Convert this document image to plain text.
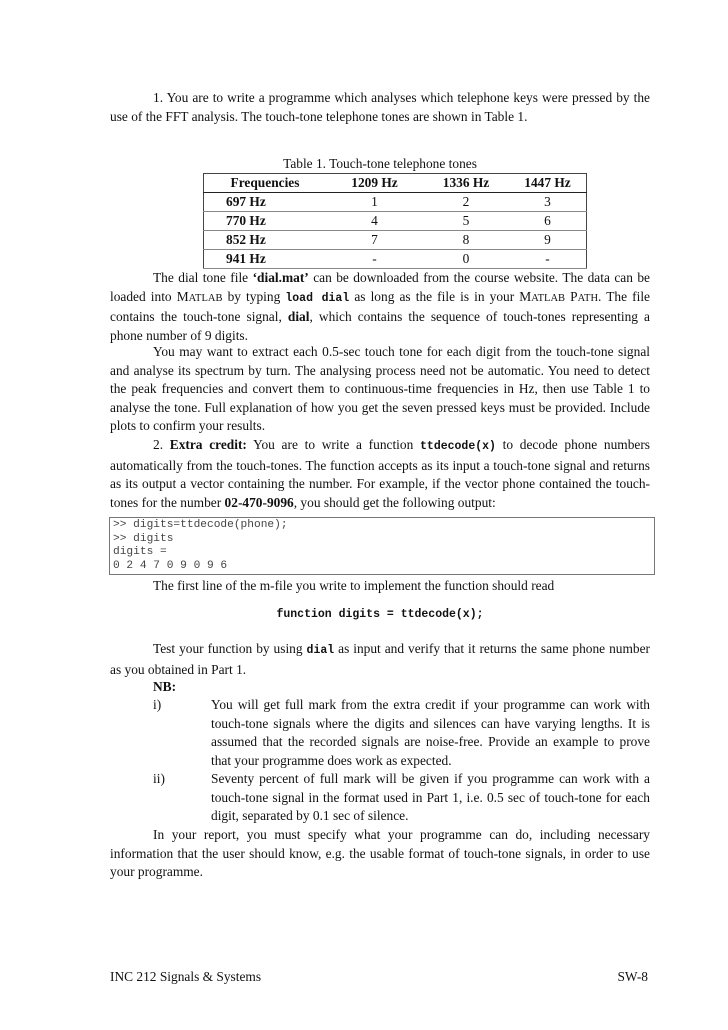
1. You are to write a programme which analyses which telephone keys were pressed by the use of the FFT analysis. The touch-tone telephone tones are shown in Table 1.

Table 1. Touch-tone telephone tones
Frequencies	1209 Hz	1336 Hz	1447 Hz
697 Hz	1	2	3
770 Hz	4	5	6
852 Hz	7	8	9
941 Hz	-	0	-

The dial tone file ‘dial.mat’ can be downloaded from the course website. The data can be loaded into MATLAB by typing load dial as long as the file is in your MATLAB PATH. The file contains the touch-tone signal, dial, which contains the sequence of touch-tones representing a phone number of 9 digits.

You may want to extract each 0.5-sec touch tone for each digit from the touch-tone signal and analyse its spectrum by turn. The analysing process need not be automatic. You need to detect the peak frequencies and convert them to continuous-time frequencies in Hz, then use Table 1 to analyse the tone. Full explanation of how you get the seven pressed keys must be provided. Include plots to confirm your results.

2. Extra credit: You are to write a function ttdecode(x) to decode phone numbers automatically from the touch-tones. The function accepts as its input a touch-tone signal and returns as its output a vector containing the number. For example, if the vector phone contained the touch-tones for the number 02-470-9096, you should get the following output:

>> digits=ttdecode(phone);
>> digits
digits =
0 2 4 7 0 9 0 9 6

The first line of the m-file you write to implement the function should read

function digits = ttdecode(x);

Test your function by using dial as input and verify that it returns the same phone number as you obtained in Part 1.

NB:
i)	You will get full mark from the extra credit if your programme can work with touch-tone signals where the digits and silences can have varying lengths. It is assumed that the recorded signals are noise-free. Provide an example to prove that your programme does work as expected.
ii)	Seventy percent of full mark will be given if you programme can work with a touch-tone signal in the format used in Part 1, i.e. 0.5 sec of touch-tone for each digit, separated by 0.1 sec of silence.

In your report, you must specify what your programme can do, including necessary information that the user should know, e.g. the usable format of touch-tone signals, in order to use your programme.

INC 212 Signals & Systems	SW-8
